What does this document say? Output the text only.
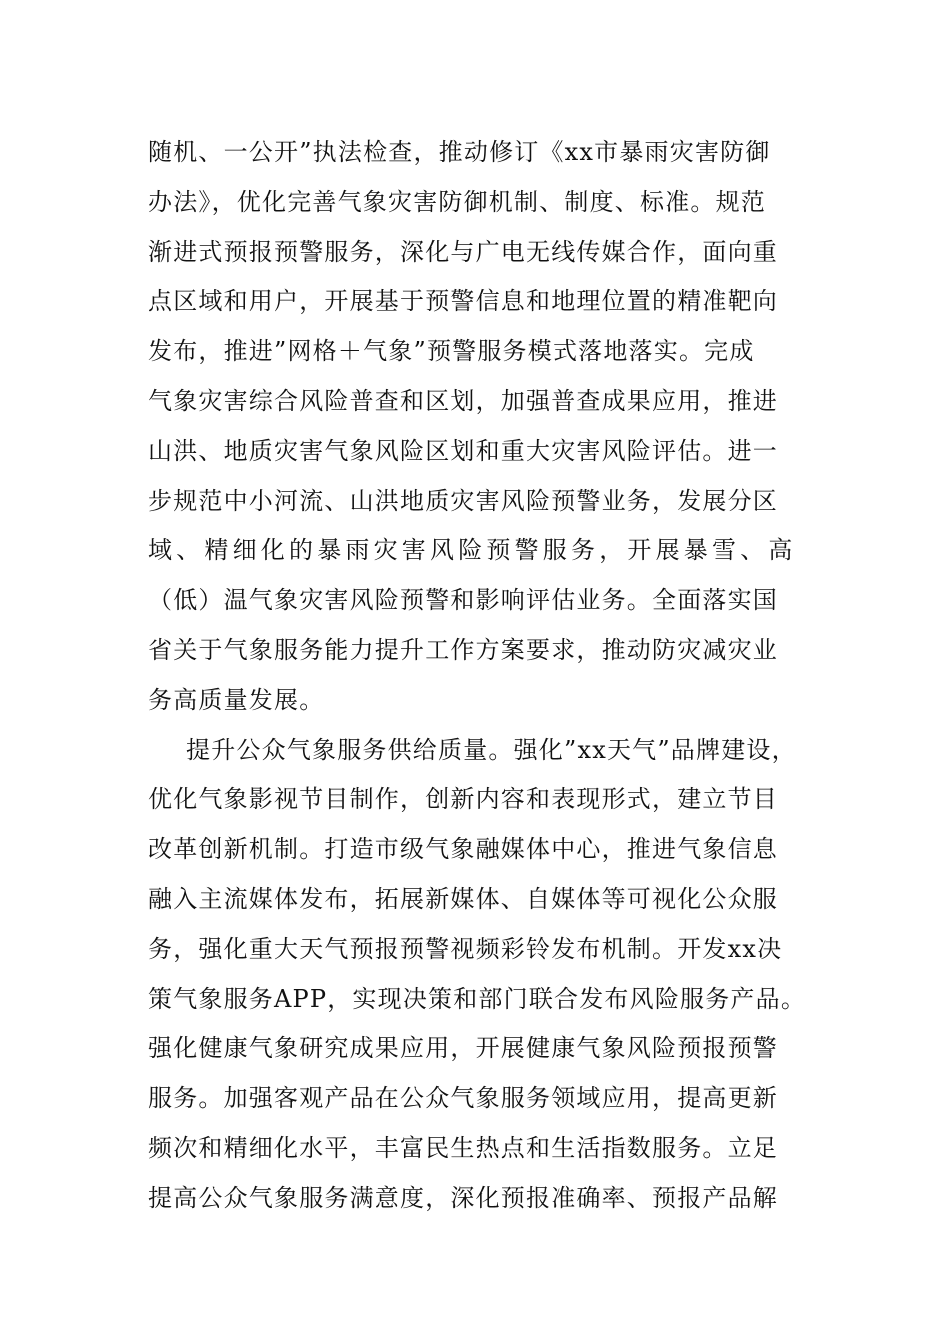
随机、一公开”执法检查，推动修订《xx市暴雨灾害防御
办法》，优化完善气象灾害防御机制、制度、标准。规范
渐进式预报预警服务，深化与广电无线传媒合作，面向重
点区域和用户，开展基于预警信息和地理位置的精准靶向
发布，推进”网格＋气象”预警服务模式落地落实。完成
气象灾害综合风险普查和区划，加强普查成果应用，推进
山洪、地质灾害气象风险区划和重大灾害风险评估。进一
步规范中小河流、山洪地质灾害风险预警业务，发展分区
域、精细化的暴雨灾害风险预警服务，开展暴雪、高
（低）温气象灾害风险预警和影响评估业务。全面落实国
省关于气象服务能力提升工作方案要求，推动防灾减灾业
务高质量发展。
提升公众气象服务供给质量。强化”xx天气”品牌建设，
优化气象影视节目制作，创新内容和表现形式，建立节目
改革创新机制。打造市级气象融媒体中心，推进气象信息
融入主流媒体发布，拓展新媒体、自媒体等可视化公众服
务，强化重大天气预报预警视频彩铃发布机制。开发xx决
策气象服务APP，实现决策和部门联合发布风险服务产品。
强化健康气象研究成果应用，开展健康气象风险预报预警
服务。加强客观产品在公众气象服务领域应用，提高更新
频次和精细化水平，丰富民生热点和生活指数服务。立足
提高公众气象服务满意度，深化预报准确率、预报产品解
